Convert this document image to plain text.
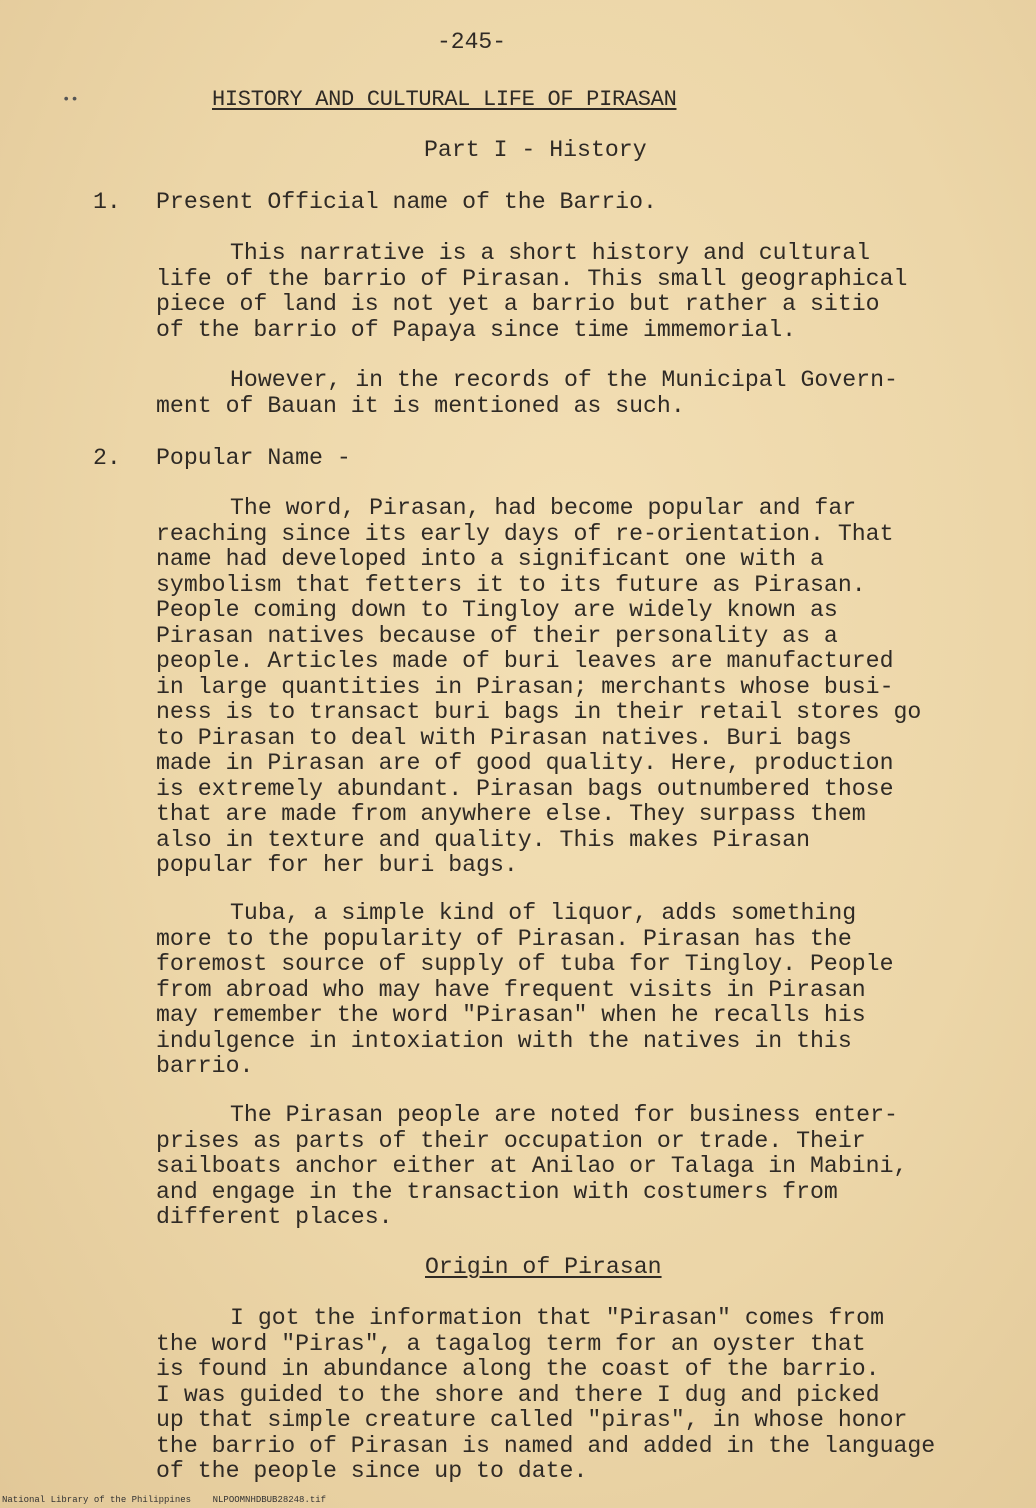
••
-245-
HISTORY AND CULTURAL LIFE OF PIRASAN
Part I - History
1. Present Official name of the Barrio.
This narrative is a short history and cultural
life of the barrio of Pirasan. This small geographical
piece of land is not yet a barrio but rather a sitio
of the barrio of Papaya since time immemorial.
However, in the records of the Municipal Govern-
ment of Bauan it is mentioned as such.
2. Popular Name -
The word, Pirasan, had become popular and far
reaching since its early days of re-orientation. That
name had developed into a significant one with a
symbolism that fetters it to its future as Pirasan.
People coming down to Tingloy are widely known as
Pirasan natives because of their personality as a
people. Articles made of buri leaves are manufactured
in large quantities in Pirasan; merchants whose busi-
ness is to transact buri bags in their retail stores go
to Pirasan to deal with Pirasan natives. Buri bags
made in Pirasan are of good quality. Here, production
is extremely abundant. Pirasan bags outnumbered those
that are made from anywhere else. They surpass them
also in texture and quality. This makes Pirasan
popular for her buri bags.
Tuba, a simple kind of liquor, adds something
more to the popularity of Pirasan. Pirasan has the
foremost source of supply of tuba for Tingloy. People
from abroad who may have frequent visits in Pirasan
may remember the word "Pirasan" when he recalls his
indulgence in intoxiation with the natives in this
barrio.
The Pirasan people are noted for business enter-
prises as parts of their occupation or trade. Their
sailboats anchor either at Anilao or Talaga in Mabini,
and engage in the transaction with costumers from
different places.
Origin of Pirasan
I got the information that "Pirasan" comes from
the word "Piras", a tagalog term for an oyster that
is found in abundance along the coast of the barrio.
I was guided to the shore and there I dug and picked
up that simple creature called "piras", in whose honor
the barrio of Pirasan is named and added in the language
of the people since up to date.
National Library of the Philippines    NLPOOMNHDBUB28248.tif
